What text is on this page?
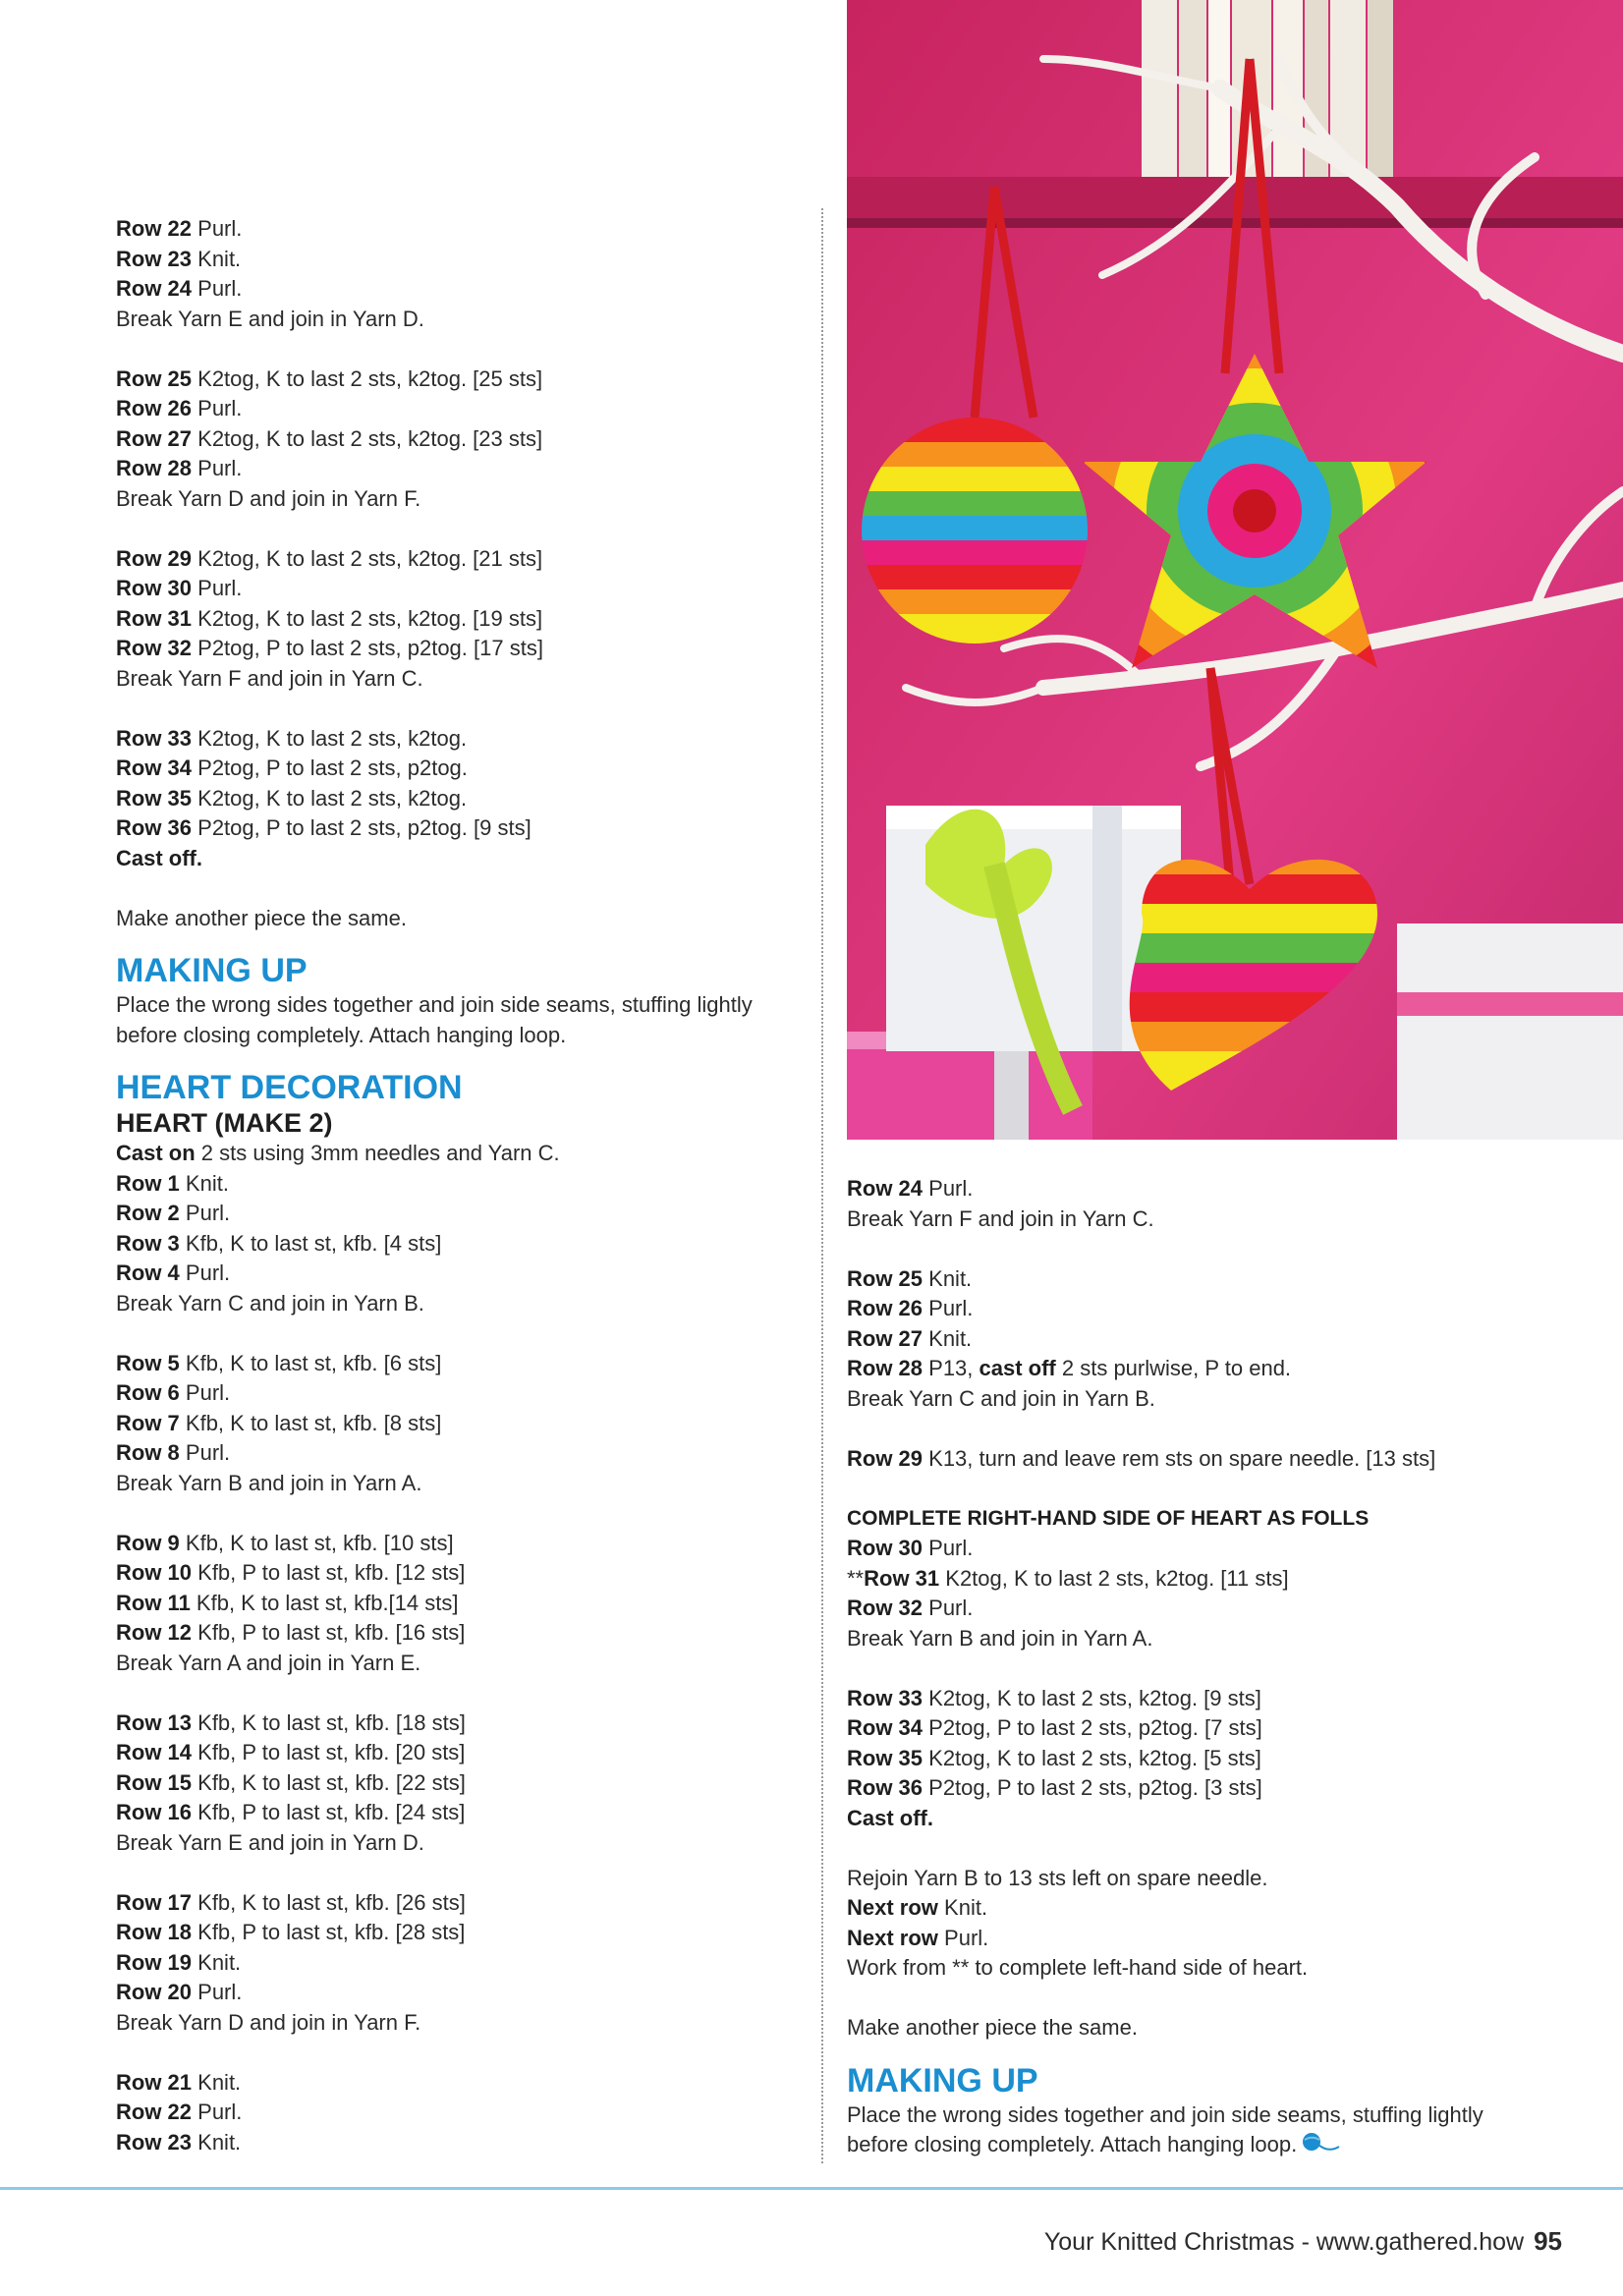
Row 22 Purl.
Row 23 Knit.
Row 24 Purl.
Break Yarn E and join in Yarn D.
Row 25 K2tog, K to last 2 sts, k2tog. [25 sts]
Row 26 Purl.
Row 27 K2tog, K to last 2 sts, k2tog. [23 sts]
Row 28 Purl.
Break Yarn D and join in Yarn F.
Row 29 K2tog, K to last 2 sts, k2tog. [21 sts]
Row 30 Purl.
Row 31 K2tog, K to last 2 sts, k2tog. [19 sts]
Row 32 P2tog, P to last 2 sts, p2tog. [17 sts]
Break Yarn F and join in Yarn C.
Row 33 K2tog, K to last 2 sts, k2tog.
Row 34 P2tog, P to last 2 sts, p2tog.
Row 35 K2tog, K to last 2 sts, k2tog.
Row 36 P2tog, P to last 2 sts, p2tog. [9 sts]
Cast off.
Make another piece the same.
MAKING UP
Place the wrong sides together and join side seams, stuffing lightly
before closing completely. Attach hanging loop.
HEART DECORATION
HEART (MAKE 2)
Cast on 2 sts using 3mm needles and Yarn C.
Row 1 Knit.
Row 2 Purl.
Row 3 Kfb, K to last st, kfb. [4 sts]
Row 4 Purl.
Break Yarn C and join in Yarn B.
Row 5 Kfb, K to last st, kfb. [6 sts]
Row 6 Purl.
Row 7 Kfb, K to last st, kfb. [8 sts]
Row 8 Purl.
Break Yarn B and join in Yarn A.
Row 9 Kfb, K to last st, kfb. [10 sts]
Row 10 Kfb, P to last st, kfb. [12 sts]
Row 11 Kfb, K to last st, kfb.[14 sts]
Row 12 Kfb, P to last st, kfb. [16 sts]
Break Yarn A and join in Yarn E.
Row 13 Kfb, K to last st, kfb. [18 sts]
Row 14 Kfb, P to last st, kfb. [20 sts]
Row 15 Kfb, K to last st, kfb. [22 sts]
Row 16 Kfb, P to last st, kfb. [24 sts]
Break Yarn E and join in Yarn D.
Row 17 Kfb, K to last st, kfb. [26 sts]
Row 18 Kfb, P to last st, kfb. [28 sts]
Row 19 Knit.
Row 20 Purl.
Break Yarn D and join in Yarn F.
Row 21 Knit.
Row 22 Purl.
Row 23 Knit.
Row 24 Purl.
Break Yarn F and join in Yarn C.
Row 25 Knit.
Row 26 Purl.
Row 27 Knit.
Row 28 P13, cast off 2 sts purlwise, P to end.
Break Yarn C and join in Yarn B.
Row 29 K13, turn and leave rem sts on spare needle. [13 sts]
COMPLETE RIGHT-HAND SIDE OF HEART AS FOLLS
Row 30 Purl.
**Row 31 K2tog, K to last 2 sts, k2tog. [11 sts]
Row 32 Purl.
Break Yarn B and join in Yarn A.
Row 33 K2tog, K to last 2 sts, k2tog. [9 sts]
Row 34 P2tog, P to last 2 sts, p2tog. [7 sts]
Row 35 K2tog, K to last 2 sts, k2tog. [5 sts]
Row 36 P2tog, P to last 2 sts, p2tog. [3 sts]
Cast off.
Rejoin Yarn B to 13 sts left on spare needle.
Next row Knit.
Next row Purl.
Work from ** to complete left-hand side of heart.
Make another piece the same.
MAKING UP
Place the wrong sides together and join side seams, stuffing lightly
before closing completely. Attach hanging loop.
Your Knitted Christmas - www.gathered.how 95
